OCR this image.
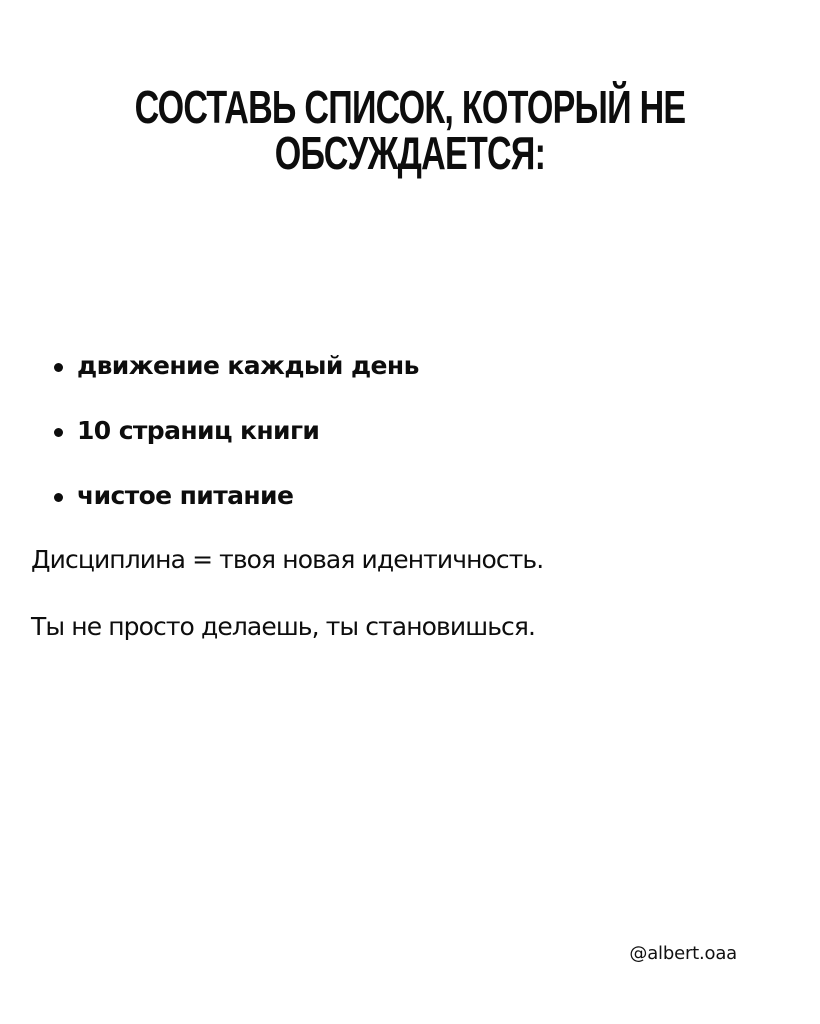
СОСТАВЬ СПИСОК, КОТОРЫЙ НЕ
ОБСУЖДАЕТСЯ:
движение каждый день
10 страниц книги
чистое питание

Дисциплина = твоя новая идентичность.

Ты не просто делаешь, ты становишься.

@albert.oaa
